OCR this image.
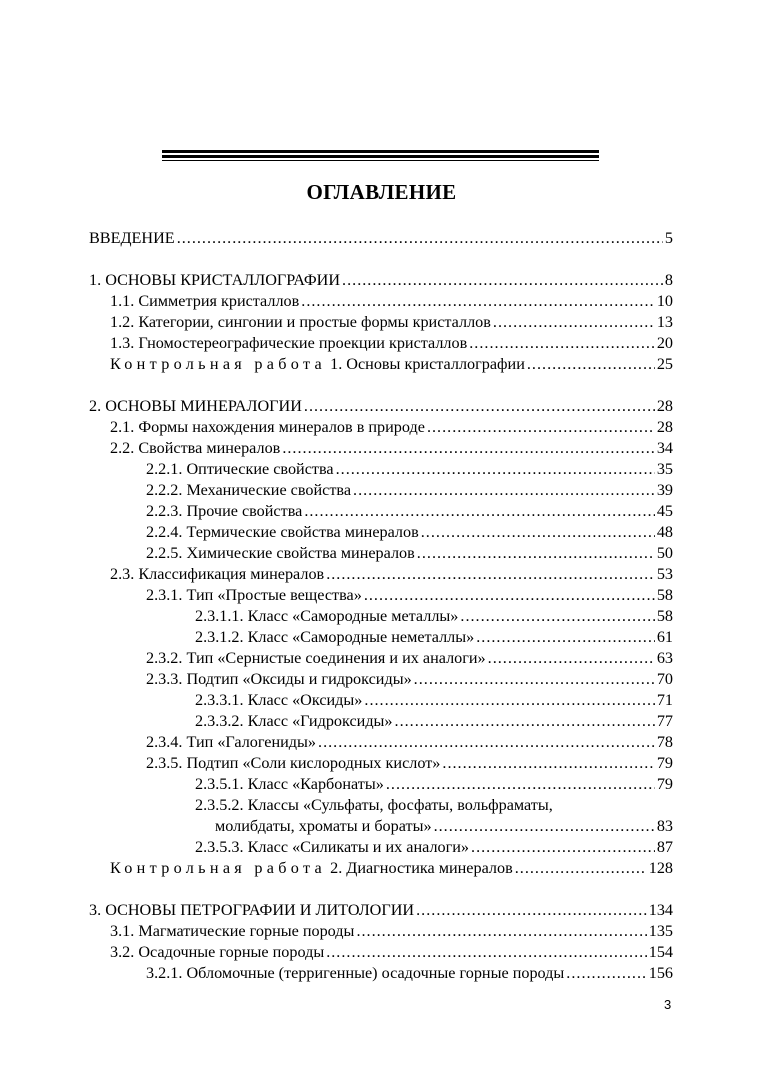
ОГЛАВЛЕНИЕ
ВВЕДЕНИЕ .....	5
1. ОСНОВЫ КРИСТАЛЛОГРАФИИ .....	8
1.1. Симметрия кристаллов .....	10
1.2. Категории, сингонии и простые формы кристаллов .....	13
1.3. Гномостереографические проекции кристаллов .....	20
Контрольная работа 1. Основы кристаллографии .....	25
2. ОСНОВЫ МИНЕРАЛОГИИ .....	28
2.1. Формы нахождения минералов в природе .....	28
2.2. Свойства минералов .....	34
2.2.1. Оптические свойства .....	35
2.2.2. Механические свойства .....	39
2.2.3. Прочие свойства .....	45
2.2.4. Термические свойства минералов .....	48
2.2.5. Химические свойства минералов .....	50
2.3. Классификация минералов .....	53
2.3.1. Тип «Простые вещества» .....	58
2.3.1.1. Класс «Самородные металлы» .....	58
2.3.1.2. Класс «Самородные неметаллы» .....	61
2.3.2. Тип «Сернистые соединения и их аналоги» .....	63
2.3.3. Подтип «Оксиды и гидроксиды» .....	70
2.3.3.1. Класс «Оксиды» .....	71
2.3.3.2. Класс «Гидроксиды» .....	77
2.3.4. Тип «Галогениды» .....	78
2.3.5. Подтип «Соли кислородных кислот» .....	79
2.3.5.1. Класс «Карбонаты» .....	79
2.3.5.2. Классы «Сульфаты, фосфаты, вольфраматы,
молибдаты, хроматы и бораты» .....	83
2.3.5.3. Класс «Силикаты и их аналоги» .....	87
Контрольная работа 2. Диагностика минералов .....	128
3. ОСНОВЫ ПЕТРОГРАФИИ И ЛИТОЛОГИИ .....	134
3.1. Магматические горные породы .....	135
3.2. Осадочные горные породы .....	154
3.2.1. Обломочные (терригенные) осадочные горные породы .....	156
3
